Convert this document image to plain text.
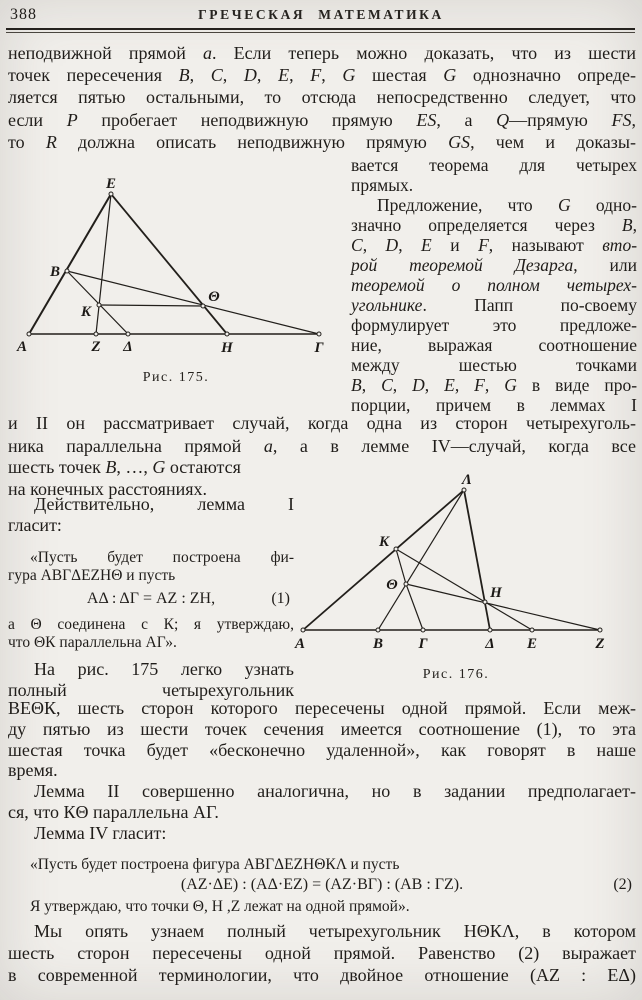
388	ГРЕЧЕСКАЯ МАТЕМАТИКА
неподвижной прямой a. Если теперь можно доказать, что из шести
точек пересечения B, C, D, E, F, G шестая G однозначно опреде-
ляется пятью остальными, то отсюда непосредственно следует, что
если P пробегает неподвижную прямую ES, а Q—прямую FS,
то R должна описать неподвижную прямую GS, чем и доказы-
E
B
K
Θ
A	Z Δ	H	Γ
Рис. 175.
вается теорема для четырех
прямых.
Предложение, что G одно-
значно определяется через B,
C, D, E и F, называют вто-
рой теоремой Дезарга, или
теоремой о полном четырех-
угольнике. Папп по-своему
формулирует это предложе-
ние, выражая соотношение
между шестью точками
B, C, D, E, F, G в виде про-
порции, причем в леммах I
и II он рассматривает случай, когда одна из сторон четырехуголь-
ника параллельна прямой a, а в лемме IV—случай, когда все
шесть точек B, …, G остаются
на конечных расстояниях.
Действительно, лемма I
гласит:
«Пусть будет построена фи-
гура АВГΔЕZНΘ и пусть
АΔ : ΔГ = AZ : ZH,	(1)
а Θ соединена с К; я утверждаю,
что ΘК параллельна АГ».
На рис. 175 легко узнать
полный четырехугольник
Λ
K
Θ	H
A	B Γ	Δ E	Z
Рис. 176.
ВЕΘК, шесть сторон которого пересечены одной прямой. Если меж-
ду пятью из шести точек сечения имеется соотношение (1), то эта
шестая точка будет «бесконечно удаленной», как говорят в наше
время.
Лемма II совершенно аналогична, но в задании предполагает-
ся, что КΘ параллельна АГ.
Лемма IV гласит:
«Пусть будет построена фигура АВГΔЕZНΘКΛ и пусть
(AZ·ΔE) : (АΔ·EZ) = (AZ·ВГ) : (АВ : ГZ).	(2)
Я утверждаю, что точки Θ, Н ,Z лежат на одной прямой».
Мы опять узнаем полный четырехугольник НΘКΛ, в котором
шесть сторон пересечены одной прямой. Равенство (2) выражает
в современной терминологии, что двойное отношение (AZ : ЕΔ)
